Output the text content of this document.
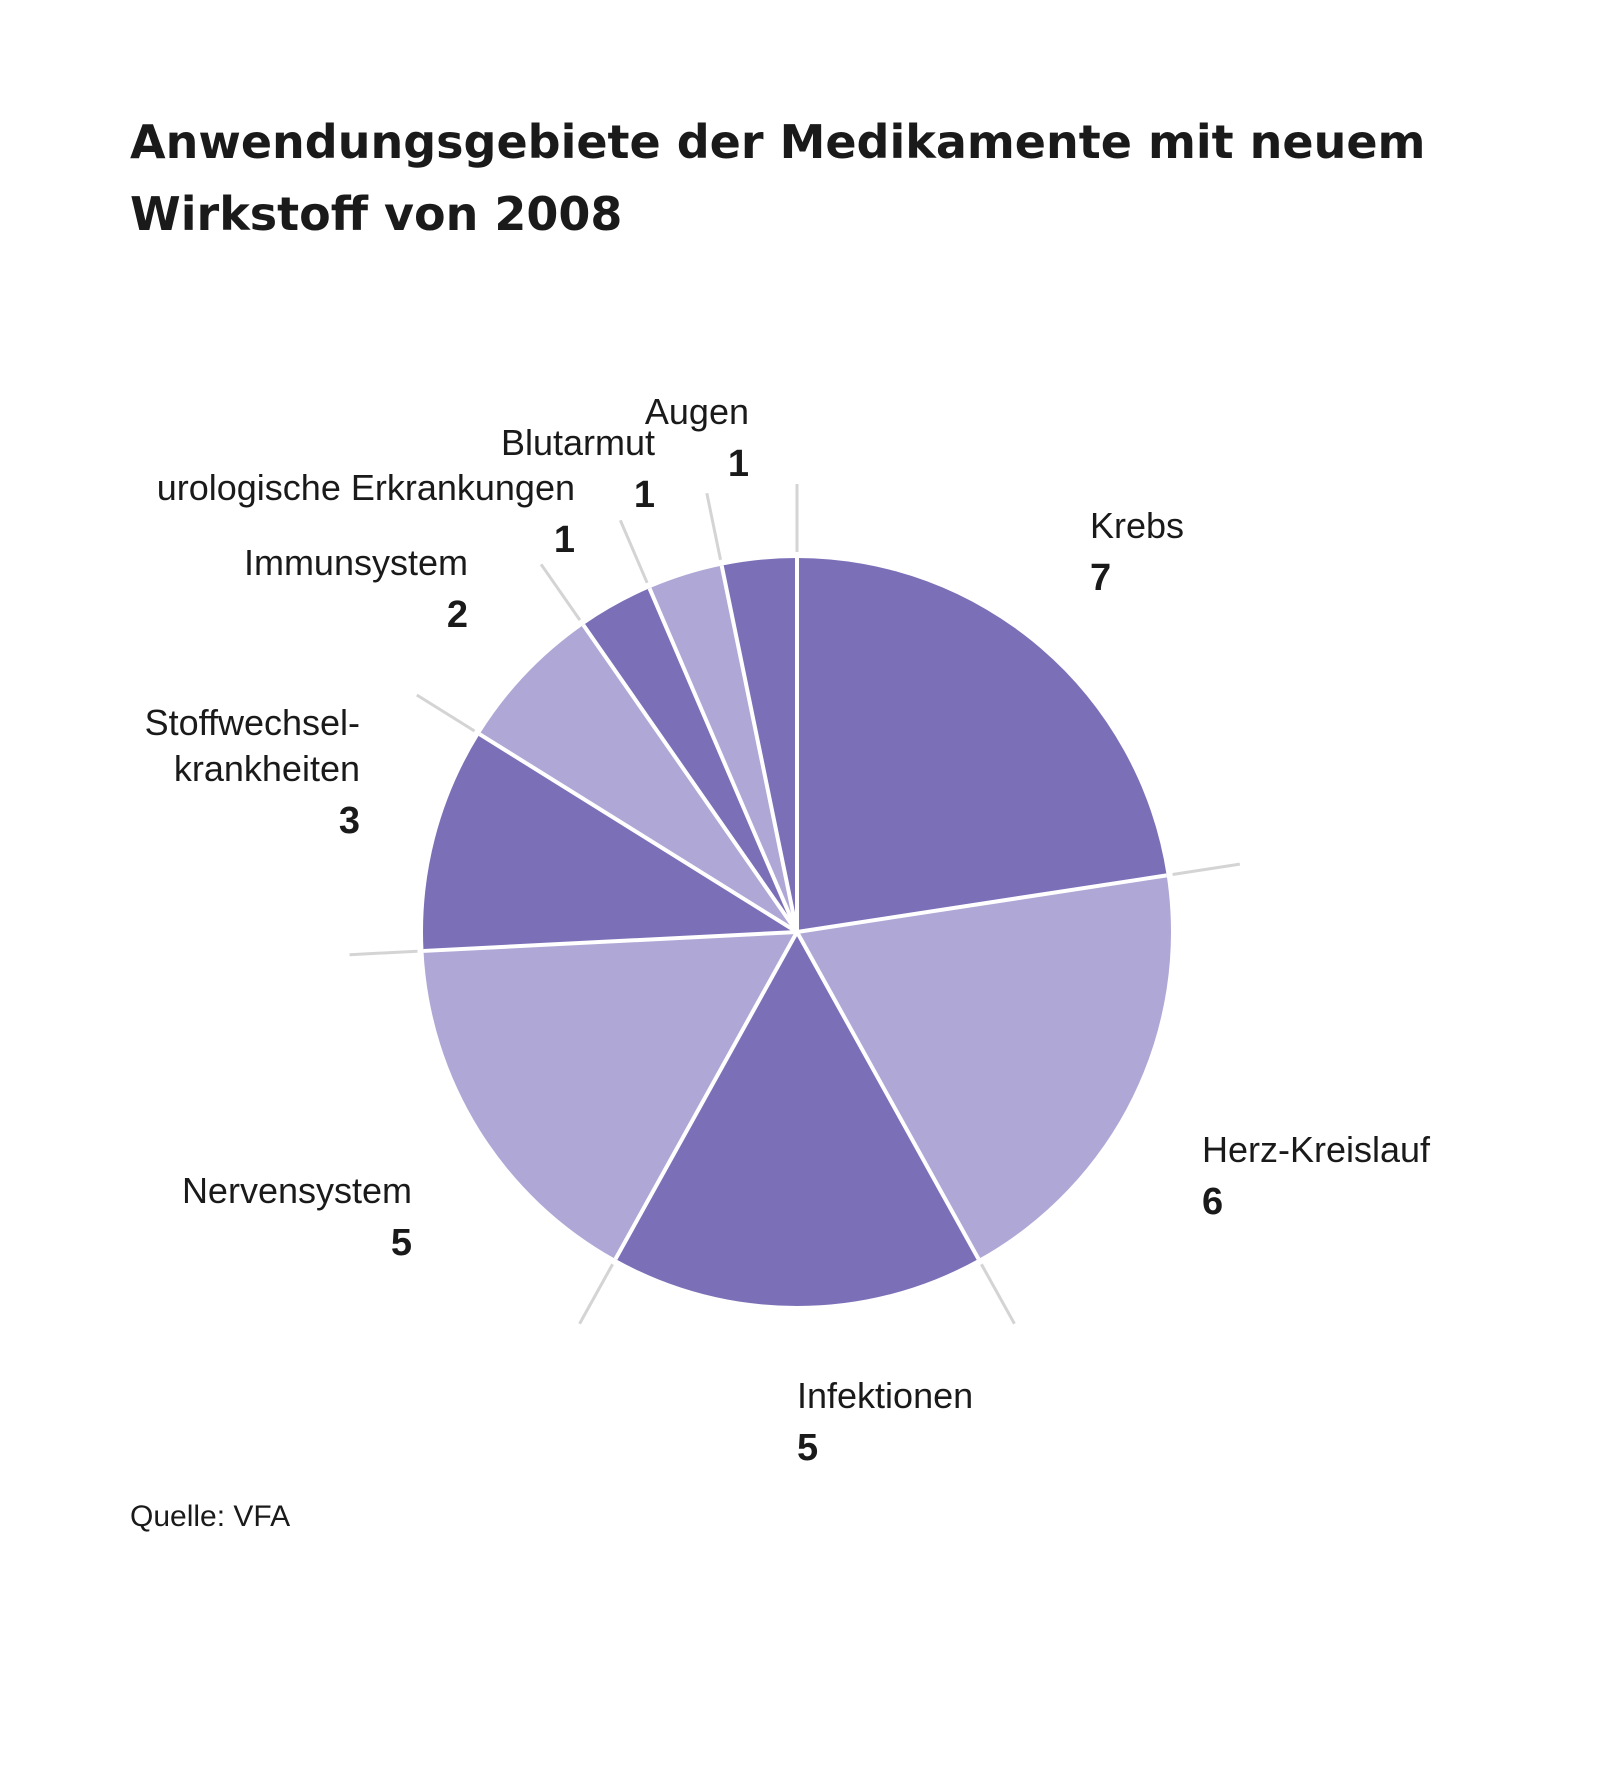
Anwendungsgebiete der Medikamente mit neuem
Wirkstoff von 2008
Krebs
7
Herz-Kreislauf
6
Infektionen
5
Nervensystem
5
Stoffwechsel-krankheiten
3
Immunsystem
2
urologische Erkrankungen
1
Blutarmut
1
Augen
1
Quelle: VFA
